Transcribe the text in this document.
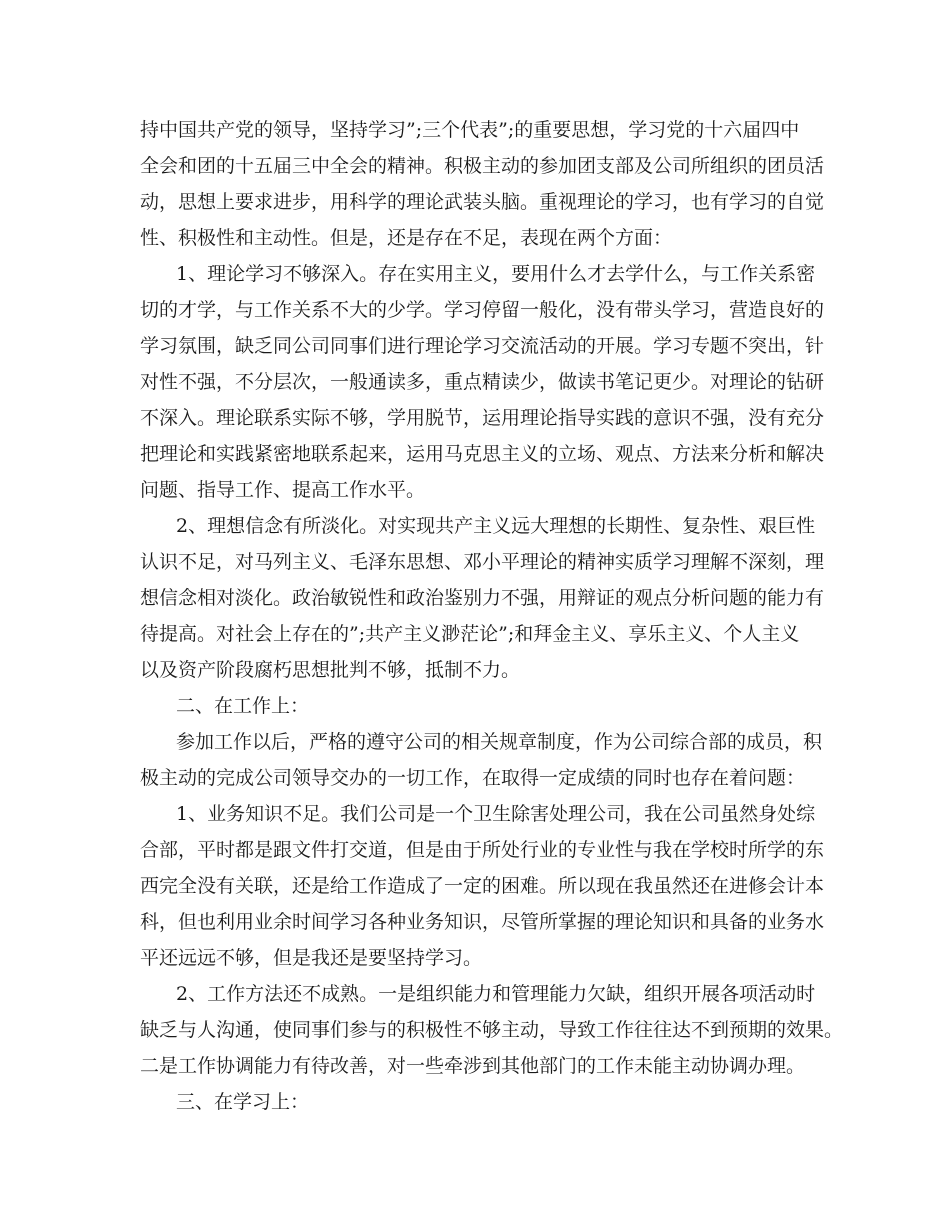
持中国共产党的领导，坚持学习”;三个代表”;的重要思想，学习党的十六届四中
全会和团的十五届三中全会的精神。积极主动的参加团支部及公司所组织的团员活
动，思想上要求进步，用科学的理论武装头脑。重视理论的学习，也有学习的自觉
性、积极性和主动性。但是，还是存在不足，表现在两个方面：
1、理论学习不够深入。存在实用主义，要用什么才去学什么，与工作关系密
切的才学，与工作关系不大的少学。学习停留一般化，没有带头学习，营造良好的
学习氛围，缺乏同公司同事们进行理论学习交流活动的开展。学习专题不突出，针
对性不强，不分层次，一般通读多，重点精读少，做读书笔记更少。对理论的钻研
不深入。理论联系实际不够，学用脱节，运用理论指导实践的意识不强，没有充分
把理论和实践紧密地联系起来，运用马克思主义的立场、观点、方法来分析和解决
问题、指导工作、提高工作水平。
2、理想信念有所淡化。对实现共产主义远大理想的长期性、复杂性、艰巨性
认识不足，对马列主义、毛泽东思想、邓小平理论的精神实质学习理解不深刻，理
想信念相对淡化。政治敏锐性和政治鉴别力不强，用辩证的观点分析问题的能力有
待提高。对社会上存在的”;共产主义渺茫论”;和拜金主义、享乐主义、个人主义
以及资产阶段腐朽思想批判不够，抵制不力。
二、在工作上：
参加工作以后，严格的遵守公司的相关规章制度，作为公司综合部的成员，积
极主动的完成公司领导交办的一切工作，在取得一定成绩的同时也存在着问题：
1、业务知识不足。我们公司是一个卫生除害处理公司，我在公司虽然身处综
合部，平时都是跟文件打交道，但是由于所处行业的专业性与我在学校时所学的东
西完全没有关联，还是给工作造成了一定的困难。所以现在我虽然还在进修会计本
科，但也利用业余时间学习各种业务知识，尽管所掌握的理论知识和具备的业务水
平还远远不够，但是我还是要坚持学习。
2、工作方法还不成熟。一是组织能力和管理能力欠缺，组织开展各项活动时
缺乏与人沟通，使同事们参与的积极性不够主动，导致工作往往达不到预期的效果。
二是工作协调能力有待改善，对一些牵涉到其他部门的工作未能主动协调办理。
三、在学习上：
